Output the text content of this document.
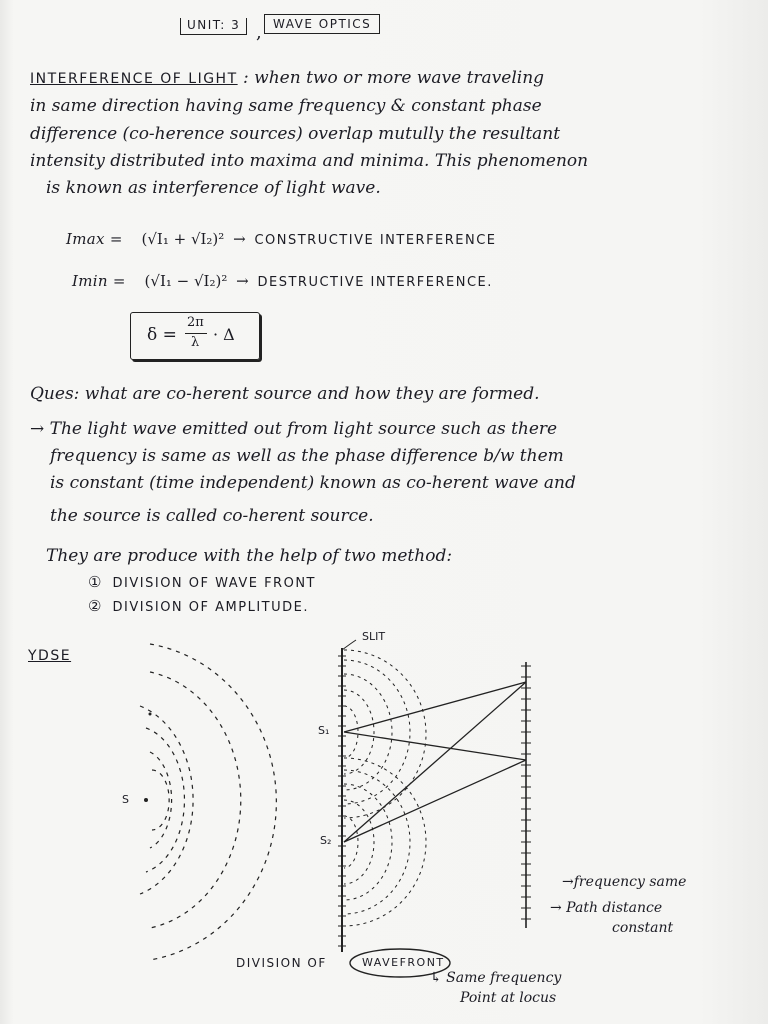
UNIT: 3 , WAVE OPTICS
INTERFERENCE OF LIGHT : when two or more wave traveling
in same direction having same frequency & constant phase
difference (co-herence sources) overlap mutully the resultant
intensity distributed into maxima and minima. This phenomenon
is known as interference of light wave.
Imax = (√I₁ + √I₂)² → CONSTRUCTIVE INTERFERENCE
Imin = (√I₁ − √I₂)² → DESTRUCTIVE INTERFERENCE.
δ =
2π
λ · Δ
Ques: what are co-herent source and how they are formed.
→ The light wave emitted out from light source such as there
frequency is same as well as the phase difference b/w them
is constant (time independent) known as co-herent wave and
the source is called co-herent source.
They are produce with the help of two method:
① DIVISION OF WAVE FRONT
② DIVISION OF AMPLITUDE.
YDSE
SLIT
S
S₁
S₂
→frequency same
→ Path distance
constant
DIVISION OF	WAVEFRONT
↳ Same frequency
Point at locus
